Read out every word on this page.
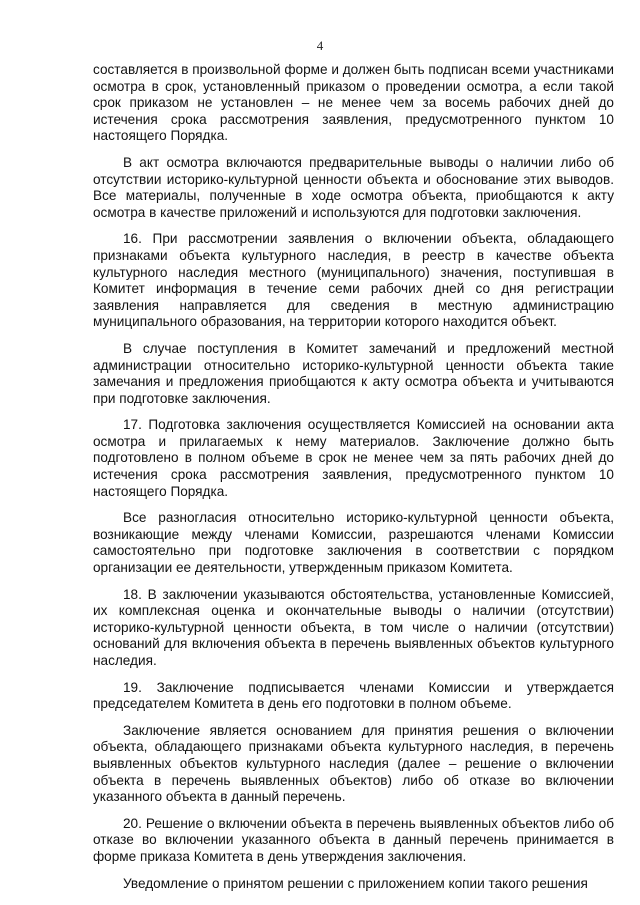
4

составляется в произвольной форме и должен быть подписан всеми участниками осмотра в срок, установленный приказом о проведении осмотра, а если такой срок приказом не установлен – не менее чем за восемь рабочих дней до истечения срока рассмотрения заявления, предусмотренного пунктом 10 настоящего Порядка.

В акт осмотра включаются предварительные выводы о наличии либо об отсутствии историко-культурной ценности объекта и обоснование этих выводов. Все материалы, полученные в ходе осмотра объекта, приобщаются к акту осмотра в качестве приложений и используются для подготовки заключения.

16. При рассмотрении заявления о включении объекта, обладающего признаками объекта культурного наследия, в реестр в качестве объекта культурного наследия местного (муниципального) значения, поступившая в Комитет информация в течение семи рабочих дней со дня регистрации заявления направляется для сведения в местную администрацию муниципального образования, на территории которого находится объект.

В случае поступления в Комитет замечаний и предложений местной администрации относительно историко-культурной ценности объекта такие замечания и предложения приобщаются к акту осмотра объекта и учитываются при подготовке заключения.

17. Подготовка заключения осуществляется Комиссией на основании акта осмотра и прилагаемых к нему материалов. Заключение должно быть подготовлено в полном объеме в срок не менее чем за пять рабочих дней до истечения срока рассмотрения заявления, предусмотренного пунктом 10 настоящего Порядка.

Все разногласия относительно историко-культурной ценности объекта, возникающие между членами Комиссии, разрешаются членами Комиссии самостоятельно при подготовке заключения в соответствии с порядком организации ее деятельности, утвержденным приказом Комитета.

18. В заключении указываются обстоятельства, установленные Комиссией, их комплексная оценка и окончательные выводы о наличии (отсутствии) историко-культурной ценности объекта, в том числе о наличии (отсутствии) оснований для включения объекта в перечень выявленных объектов культурного наследия.

19. Заключение подписывается членами Комиссии и утверждается председателем Комитета в день его подготовки в полном объеме.

Заключение является основанием для принятия решения о включении объекта, обладающего признаками объекта культурного наследия, в перечень выявленных объектов культурного наследия (далее – решение о включении объекта в перечень выявленных объектов) либо об отказе во включении указанного объекта в данный перечень.

20. Решение о включении объекта в перечень выявленных объектов либо об отказе во включении указанного объекта в данный перечень принимается в форме приказа Комитета в день утверждения заключения.

Уведомление о принятом решении с приложением копии такого решения
